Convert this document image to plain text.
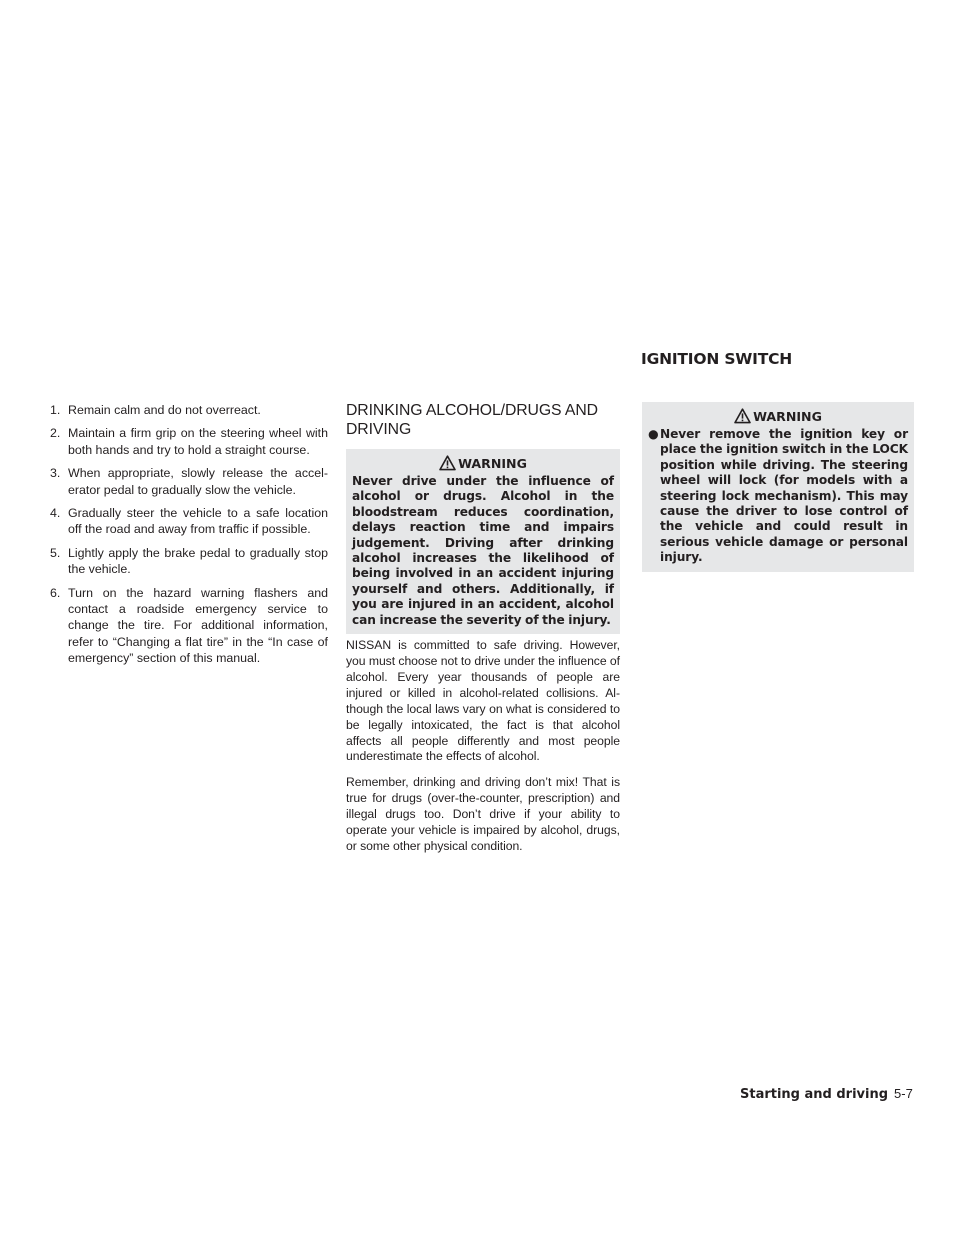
IGNITION SWITCH
1. Remain calm and do not overreact.
2. Maintain a firm grip on the steering wheel with both hands and try to hold a straight course.
3. When appropriate, slowly release the accelerator pedal to gradually slow the vehicle.
4. Gradually steer the vehicle to a safe location off the road and away from traffic if possible.
5. Lightly apply the brake pedal to gradually stop the vehicle.
6. Turn on the hazard warning flashers and contact a roadside emergency service to change the tire. For additional information, refer to “Changing a flat tire” in the “In case of emergency” section of this manual.
DRINKING ALCOHOL/DRUGS AND DRIVING
WARNING

Never drive under the influence of alcohol or drugs. Alcohol in the bloodstream reduces coordination, delays reaction time and impairs judgement. Driving after drinking alcohol increases the likelihood of being involved in an accident injuring yourself and others. Additionally, if you are injured in an accident, alcohol can increase the severity of the injury.

NISSAN is committed to safe driving. However, you must choose not to drive under the influence of alcohol. Every year thousands of people are injured or killed in alcohol-related collisions. Although the local laws vary on what is considered to be legally intoxicated, the fact is that alcohol affects all people differently and most people underestimate the effects of alcohol.

Remember, drinking and driving don’t mix! That is true for drugs (over-the-counter, prescription) and illegal drugs too. Don’t drive if your ability to operate your vehicle is impaired by alcohol, drugs, or some other physical condition.

WARNING
● Never remove the ignition key or place the ignition switch in the LOCK position while driving. The steering wheel will lock (for models with a steering lock mechanism). This may cause the driver to lose control of the vehicle and could result in serious vehicle damage or personal injury.
Starting and driving 5-7
